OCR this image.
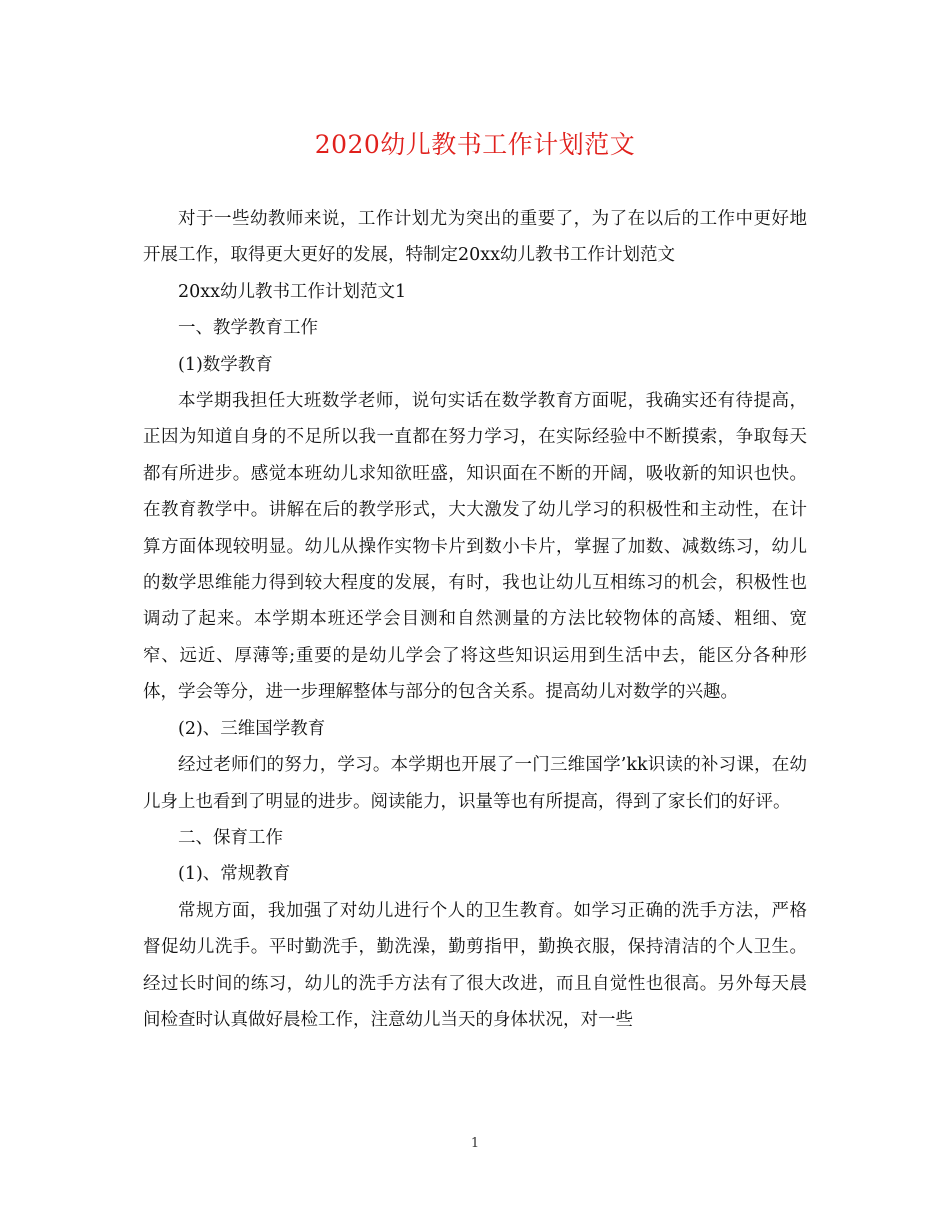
2020幼儿教书工作计划范文

对于一些幼教师来说，工作计划尤为突出的重要了，为了在以后的工作中更好地开展工作，取得更大更好的发展，特制定20xx幼儿教书工作计划范文

20xx幼儿教书工作计划范文1

一、教学教育工作

(1)数学教育

本学期我担任大班数学老师，说句实话在数学教育方面呢，我确实还有待提高，正因为知道自身的不足所以我一直都在努力学习，在实际经验中不断摸索，争取每天都有所进步。感觉本班幼儿求知欲旺盛，知识面在不断的开阔，吸收新的知识也快。在教育教学中。讲解在后的教学形式，大大激发了幼儿学习的积极性和主动性，在计算方面体现较明显。幼儿从操作实物卡片到数小卡片，掌握了加数、减数练习，幼儿的数学思维能力得到较大程度的发展，有时，我也让幼儿互相练习的机会，积极性也调动了起来。本学期本班还学会目测和自然测量的方法比较物体的高矮、粗细、宽窄、远近、厚薄等;重要的是幼儿学会了将这些知识运用到生活中去，能区分各种形体，学会等分，进一步理解整体与部分的包含关系。提高幼儿对数学的兴趣。

(2)、三维国学教育

经过老师们的努力，学习。本学期也开展了一门三维国学’kk识读的补习课，在幼儿身上也看到了明显的进步。阅读能力，识量等也有所提高，得到了家长们的好评。

二、保育工作

(1)、常规教育

常规方面，我加强了对幼儿进行个人的卫生教育。如学习正确的洗手方法，严格督促幼儿洗手。平时勤洗手，勤洗澡，勤剪指甲，勤换衣服，保持清洁的个人卫生。经过长时间的练习，幼儿的洗手方法有了很大改进，而且自觉性也很高。另外每天晨间检查时认真做好晨检工作，注意幼儿当天的身体状况，对一些

1
